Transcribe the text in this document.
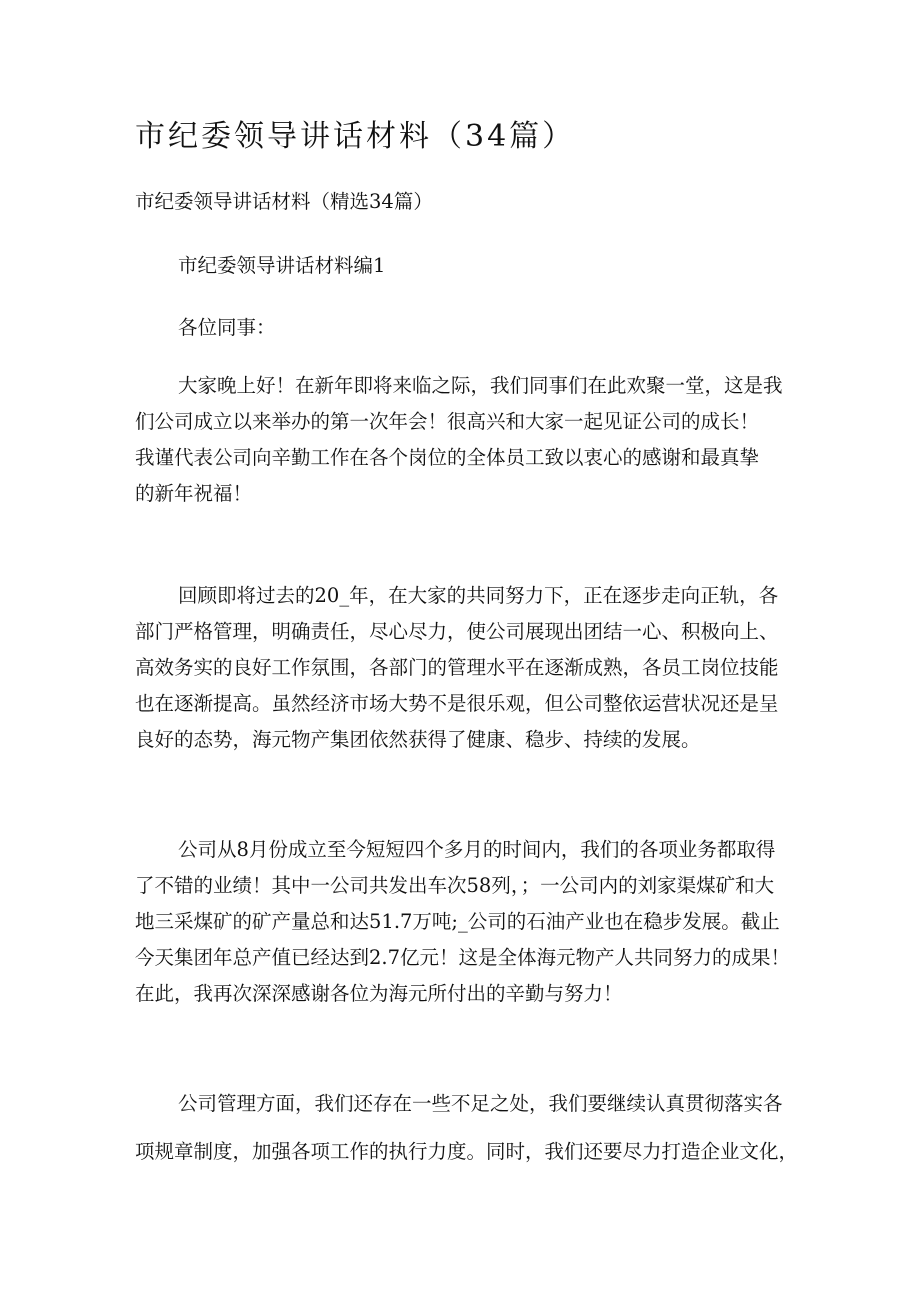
市纪委领导讲话材料（34篇）

市纪委领导讲话材料（精选34篇）

市纪委领导讲话材料编1

各位同事：

大家晚上好！在新年即将来临之际，我们同事们在此欢聚一堂，这是我
们公司成立以来举办的第一次年会！很高兴和大家一起见证公司的成长！
我谨代表公司向辛勤工作在各个岗位的全体员工致以衷心的感谢和最真挚
的新年祝福！
回顾即将过去的20_年，在大家的共同努力下，正在逐步走向正轨，各
部门严格管理，明确责任，尽心尽力，使公司展现出团结一心、积极向上、
高效务实的良好工作氛围，各部门的管理水平在逐渐成熟，各员工岗位技能
也在逐渐提高。虽然经济市场大势不是很乐观，但公司整依运营状况还是呈
良好的态势，海元物产集团依然获得了健康、稳步、持续的发展。
公司从8月份成立至今短短四个多月的时间内，我们的各项业务都取得
了不错的业绩！其中一公司共发出车次58列，；一公司内的刘家渠煤矿和大
地三采煤矿的矿产量总和达51.7万吨;_公司的石油产业也在稳步发展。截止
今天集团年总产值已经达到2.7亿元！这是全体海元物产人共同努力的成果！
在此，我再次深深感谢各位为海元所付出的辛勤与努力！
公司管理方面，我们还存在一些不足之处，我们要继续认真贯彻落实各
项规章制度，加强各项工作的执行力度。同时，我们还要尽力打造企业文化，
